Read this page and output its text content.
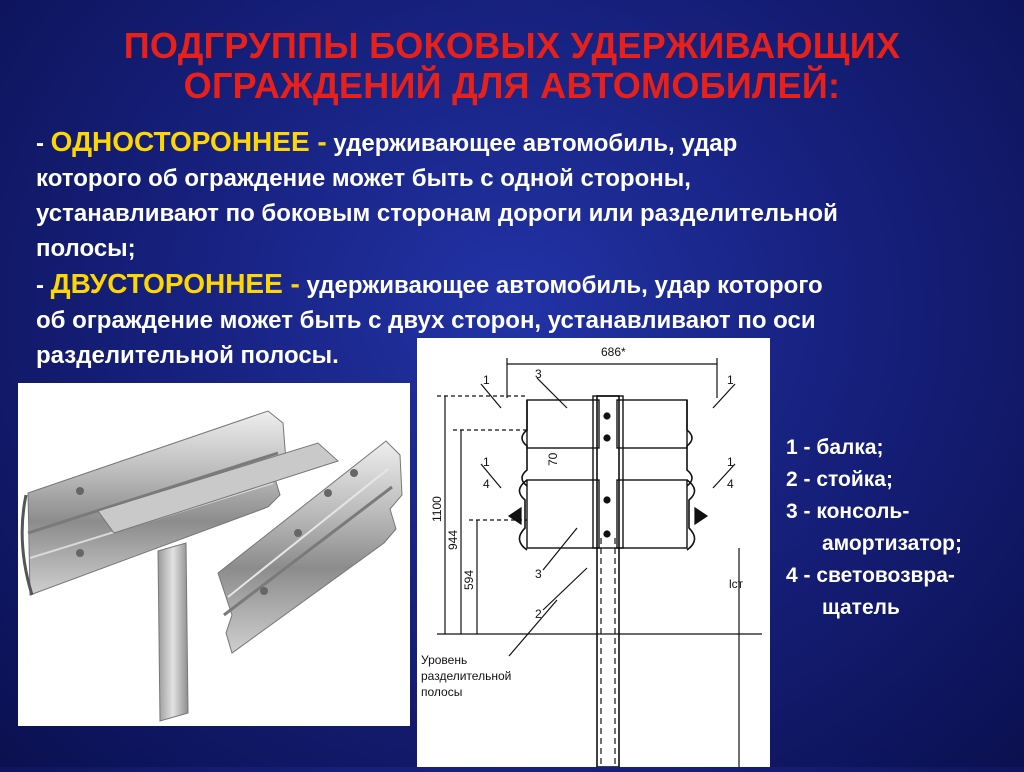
ПОДГРУППЫ БОКОВЫХ УДЕРЖИВАЮЩИХ
ОГРАЖДЕНИЙ ДЛЯ АВТОМОБИЛЕЙ:
- ОДНОСТОРОННЕЕ - удерживающее автомобиль, удар
которого об ограждение может быть с одной стороны,
устанавливают по боковым сторонам дороги или разделительной
полосы;
- ДВУСТОРОННЕЕ - удерживающее автомобиль, удар которого
об ограждение может быть с двух сторон, устанавливают по оси
разделительной полосы.	686*
1	1
3
1
4
1
4
3
2
lст
1100
944
594
70
Уровень
разделительной
полосы
1 - балка;
2 - стойка;
3 - консоль-
амортизатор;
4 - световозвра-
щатель
